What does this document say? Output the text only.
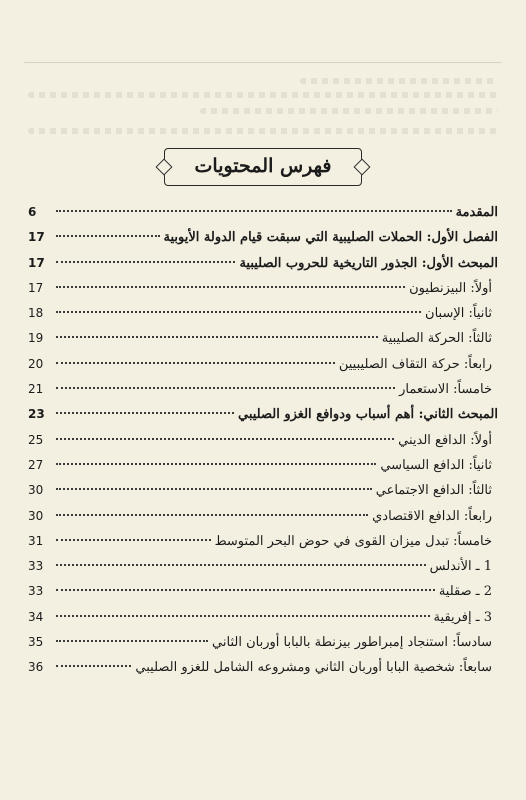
فهرس المحتويات
المقدمة
6
الفصل الأول: الحملات الصليبية التي سبقت قيام الدولة الأيوبية
17
المبحث الأول: الجذور التاريخية للحروب الصليبية
17
أولاً: البيزنطيون
17
ثانياً: الإسبان
18
ثالثاً: الحركة الصليبية
19
رابعاً: حركة التقاف الصليبيين
20
خامساً: الاستعمار
21
المبحث الثاني: أهم أسباب ودوافع الغزو الصليبي
23
أولاً: الدافع الديني
25
ثانياً: الدافع السياسي
27
ثالثاً: الدافع الاجتماعي
30
رابعاً: الدافع الاقتصادي
30
خامساً: تبدل ميزان القوى في حوض البحر المتوسط
31
1 ـ الأندلس
33
2 ـ صقلية
33
3 ـ إفريقية
34
سادساً: استنجاد إمبراطور بيزنطة بالبابا أوربان الثاني
35
سابعاً: شخصية البابا أوربان الثاني ومشروعه الشامل للغزو الصليبي
36
